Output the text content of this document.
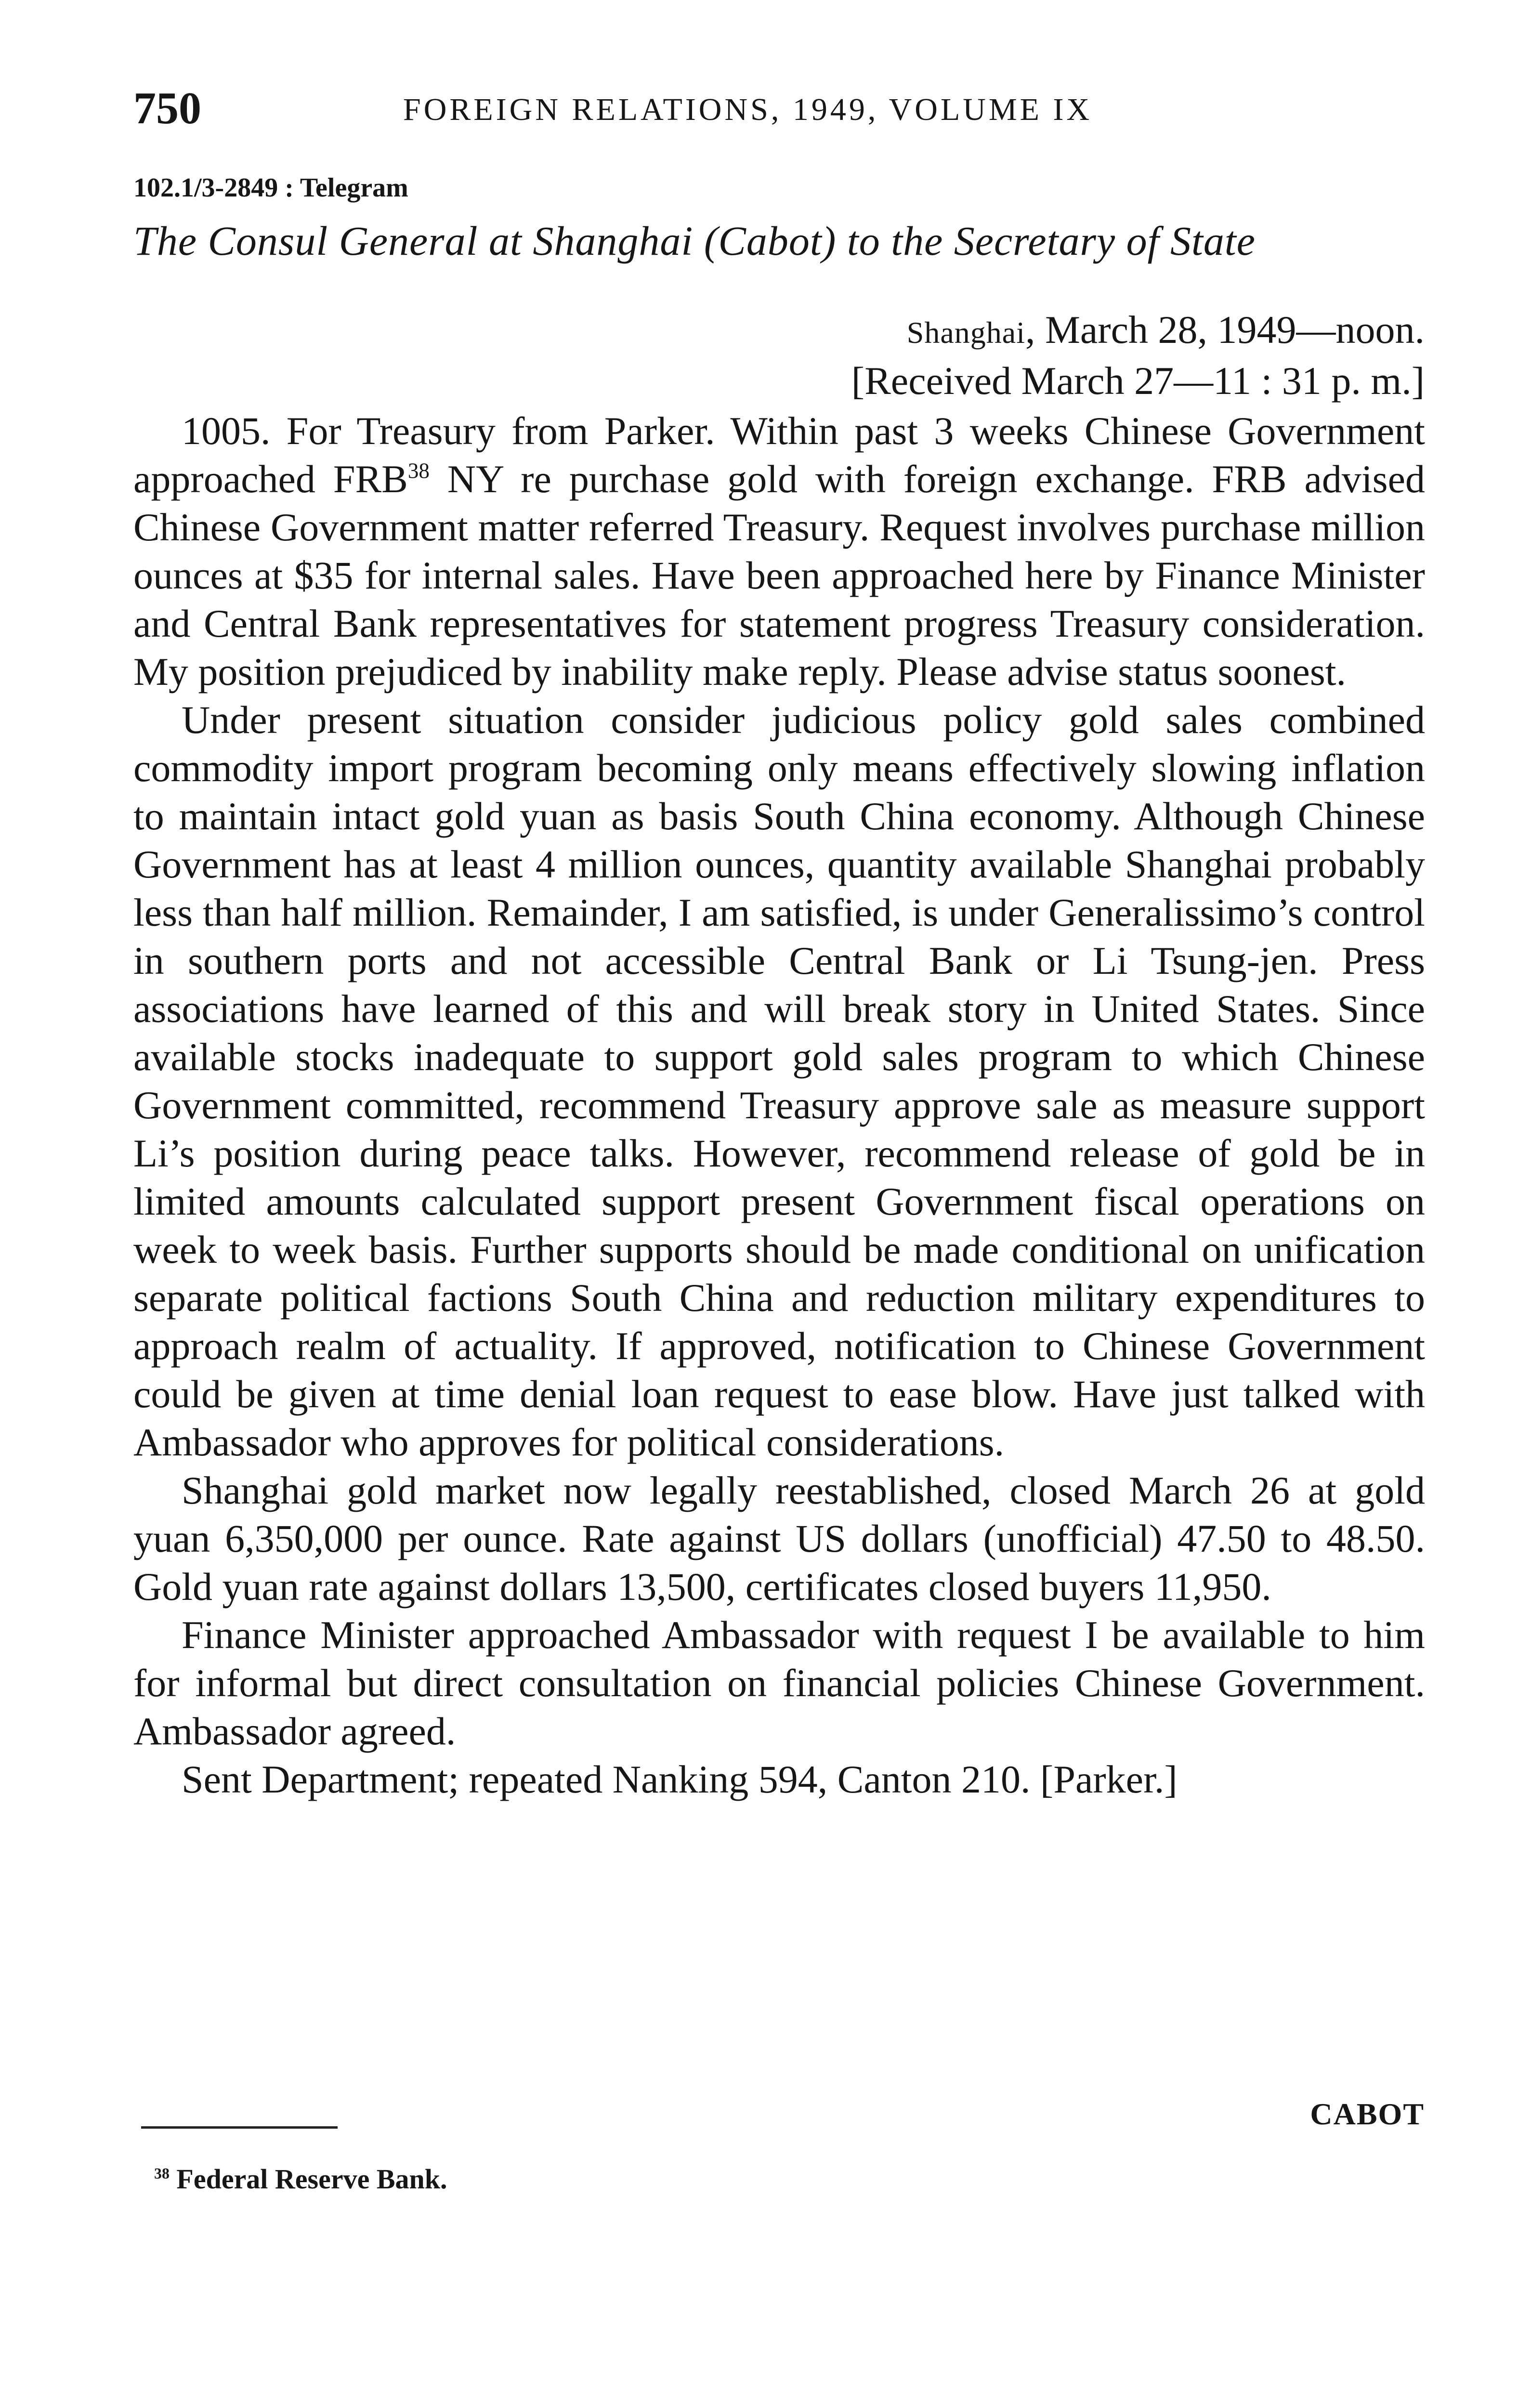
750	FOREIGN RELATIONS, 1949, VOLUME IX
102.1/3-2849 : Telegram
The Consul General at Shanghai (Cabot) to the Secretary of State
Shanghai, March 28, 1949—noon.
[Received March 27—11 : 31 p. m.]

1005. For Treasury from Parker. Within past 3 weeks Chinese Government approached FRB$^{38}$ NY re purchase gold with foreign exchange. FRB advised Chinese Government matter referred Treasury. Request involves purchase million ounces at $35 for internal sales. Have been approached here by Finance Minister and Central Bank representatives for statement progress Treasury consideration. My position prejudiced by inability make reply. Please advise status soonest.

Under present situation consider judicious policy gold sales combined commodity import program becoming only means effectively slowing inflation to maintain intact gold yuan as basis South China economy. Although Chinese Government has at least 4 million ounces, quantity available Shanghai probably less than half million. Remainder, I am satisfied, is under Generalissimo’s control in southern ports and not accessible Central Bank or Li Tsung-jen. Press associations have learned of this and will break story in United States. Since available stocks inadequate to support gold sales program to which Chinese Government committed, recommend Treasury approve sale as measure support Li’s position during peace talks. However, recommend release of gold be in limited amounts calculated support present Government fiscal operations on week to week basis. Further supports should be made conditional on unification separate political factions South China and reduction military expenditures to approach realm of actuality. If approved, notification to Chinese Government could be given at time denial loan request to ease blow. Have just talked with Ambassador who approves for political considerations.

Shanghai gold market now legally reestablished, closed March 26 at gold yuan 6,350,000 per ounce. Rate against US dollars (unofficial) 47.50 to 48.50. Gold yuan rate against dollars 13,500, certificates closed buyers 11,950.

Finance Minister approached Ambassador with request I be available to him for informal but direct consultation on financial policies Chinese Government. Ambassador agreed.

Sent Department; repeated Nanking 594, Canton 210. [Parker.]

CABOT
$^{38}$ Federal Reserve Bank.
